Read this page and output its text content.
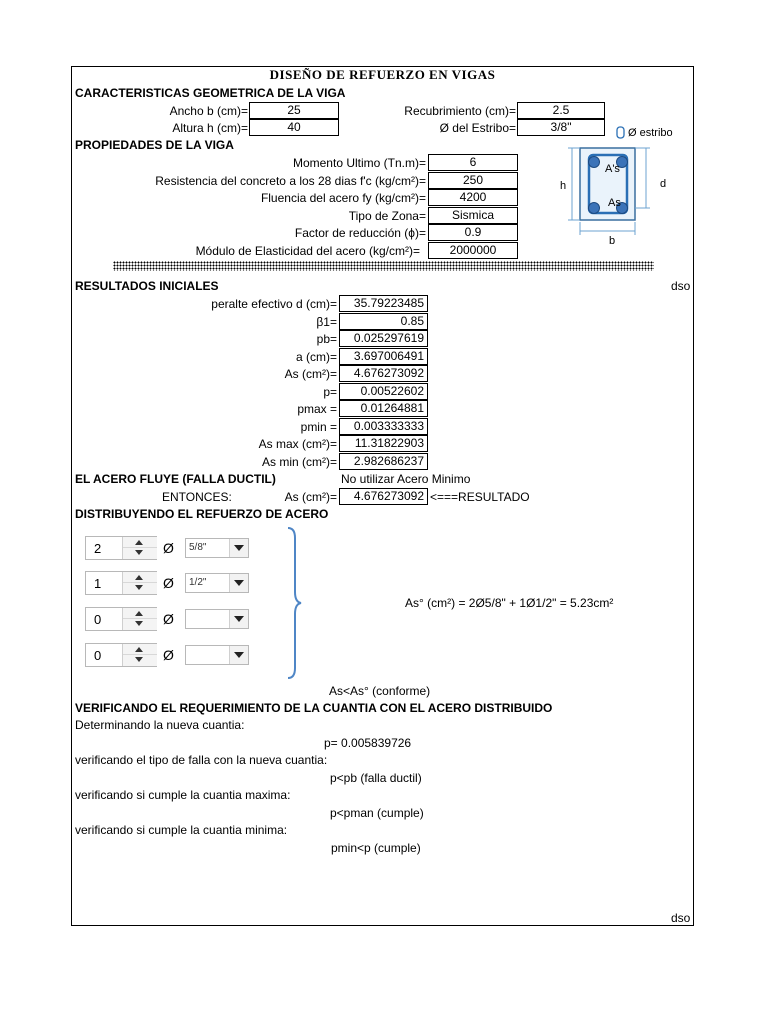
DISEÑO DE REFUERZO EN VIGAS
CARACTERISTICAS GEOMETRICA DE LA VIGA
Ancho b (cm)=	25
Altura h (cm)=	40
Recubrimiento (cm)=	2.5
Ø del Estribo=	3/8"
PROPIEDADES DE LA VIGA
Momento Ultimo (Tn.m)=	6
Resistencia del concreto a los 28 dias f'c (kg/cm²)=	250
Fluencia del acero fy (kg/cm²)=	4200
Tipo de Zona=	Sismica
Factor de reducción (ϕ)=	0.9
Módulo de Elasticidad del acero (kg/cm²)=	2000000
Ø estribo
A's
As
h	d
b
RESULTADOS INICIALES	dso
peralte efectivo d (cm)=	35.79223485
β1=	0.85
pb=	0.025297619
a (cm)=	3.697006491
As (cm²)=	4.676273092
p=	0.00522602
pmax =	0.01264881
pmin =	0.003333333
As max (cm²)=	11.31822903
As min (cm²)=	2.982686237
EL ACERO FLUYE (FALLA DUCTIL)	No utilizar Acero Minimo
ENTONCES:	As (cm²)=	4.676273092 <===RESULTADO
DISTRIBUYENDO EL REFUERZO DE ACERO
2	Ø 5/8"
1	Ø 1/2"
0	Ø
0	Ø
As° (cm²) = 2Ø5/8" + 1Ø1/2" = 5.23cm²
As<As° (conforme)
VERIFICANDO EL REQUERIMIENTO DE LA CUANTIA CON EL ACERO DISTRIBUIDO
Determinando la nueva cuantia:
p= 0.005839726
verificando el tipo de falla con la nueva cuantia:
p<pb (falla ductil)
verificando si cumple la cuantia maxima:
p<pman (cumple)
verificando si cumple la cuantia minima:
pmin<p (cumple)
dso
